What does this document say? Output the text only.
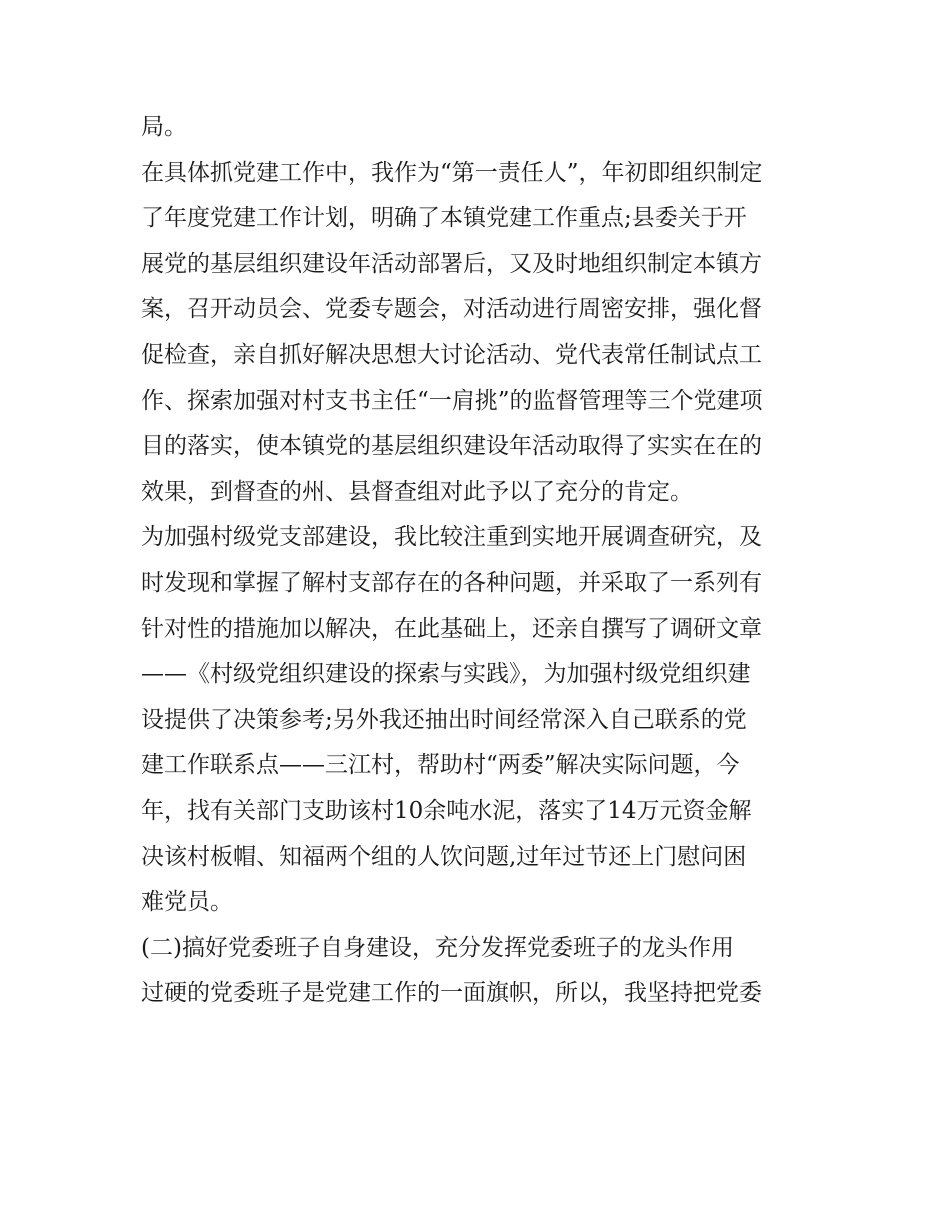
局。
在具体抓党建工作中，我作为“第一责任人”，年初即组织制定
了年度党建工作计划，明确了本镇党建工作重点;县委关于开
展党的基层组织建设年活动部署后，又及时地组织制定本镇方
案，召开动员会、党委专题会，对活动进行周密安排，强化督
促检查，亲自抓好解决思想大讨论活动、党代表常任制试点工
作、探索加强对村支书主任“一肩挑”的监督管理等三个党建项
目的落实，使本镇党的基层组织建设年活动取得了实实在在的
效果，到督查的州、县督查组对此予以了充分的肯定。
为加强村级党支部建设，我比较注重到实地开展调查研究，及
时发现和掌握了解村支部存在的各种问题，并采取了一系列有
针对性的措施加以解决，在此基础上，还亲自撰写了调研文章
——《村级党组织建设的探索与实践》，为加强村级党组织建
设提供了决策参考;另外我还抽出时间经常深入自己联系的党
建工作联系点——三江村，帮助村“两委”解决实际问题，今
年，找有关部门支助该村10余吨水泥，落实了14万元资金解
决该村板帽、知福两个组的人饮问题,过年过节还上门慰问困
难党员。
(二)搞好党委班子自身建设，充分发挥党委班子的龙头作用
过硬的党委班子是党建工作的一面旗帜，所以，我坚持把党委
